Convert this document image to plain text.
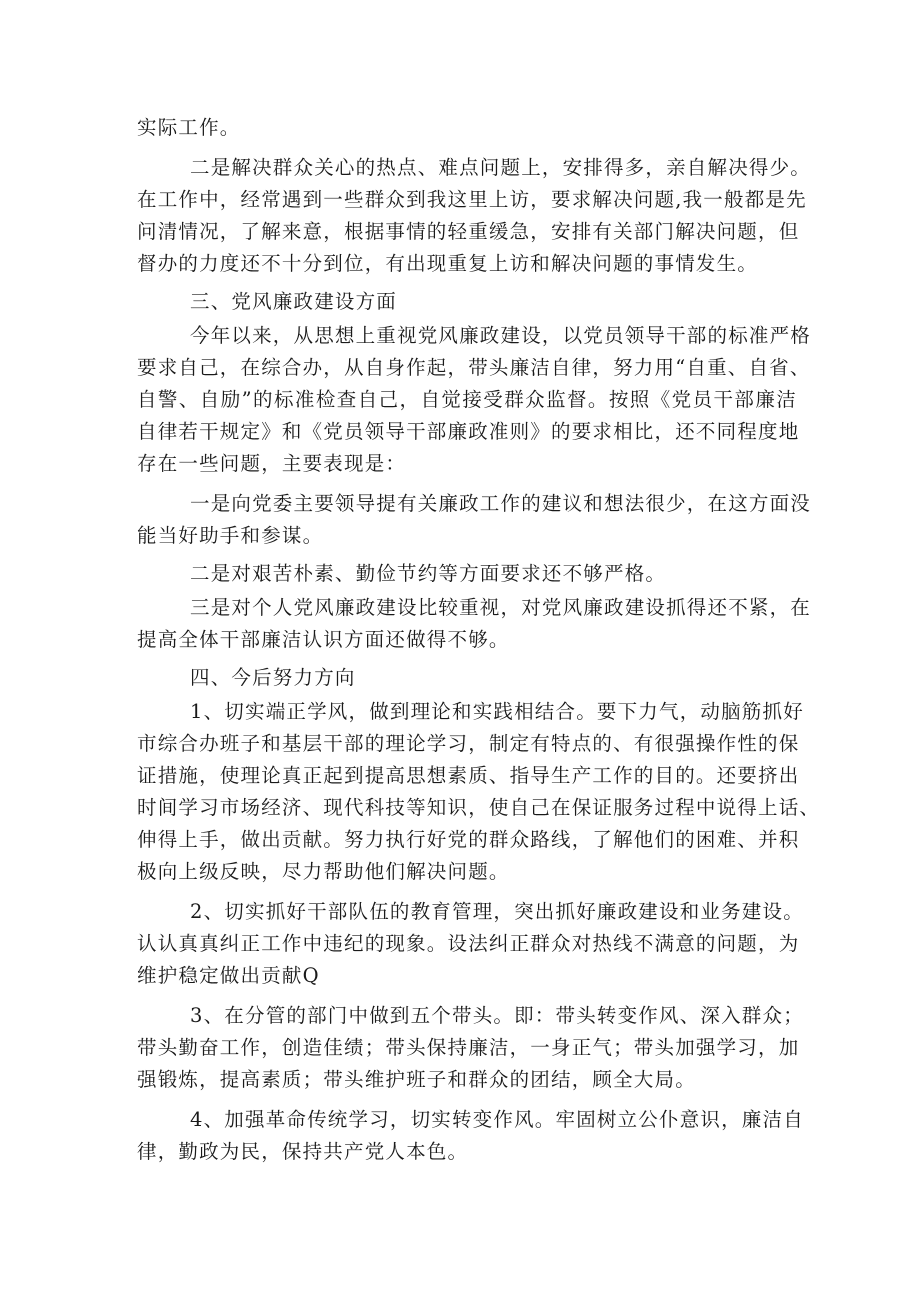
实际工作。
二是解决群众关心的热点、难点问题上，安排得多，亲自解决得少。
在工作中，经常遇到一些群众到我这里上访，要求解决问题,我一般都是先
问清情况，了解来意，根据事情的轻重缓急，安排有关部门解决问题，但
督办的力度还不十分到位，有出现重复上访和解决问题的事情发生。
三、党风廉政建设方面
今年以来，从思想上重视党风廉政建设，以党员领导干部的标准严格
要求自己，在综合办，从自身作起，带头廉洁自律，努力用“自重、自省、
自警、自励”的标准检查自己，自觉接受群众监督。按照《党员干部廉洁
自律若干规定》和《党员领导干部廉政准则》的要求相比，还不同程度地
存在一些问题，主要表现是：
一是向党委主要领导提有关廉政工作的建议和想法很少，在这方面没
能当好助手和参谋。
二是对艰苦朴素、勤俭节约等方面要求还不够严格。
三是对个人党风廉政建设比较重视，对党风廉政建设抓得还不紧，在
提高全体干部廉洁认识方面还做得不够。
四、今后努力方向
1、切实端正学风，做到理论和实践相结合。要下力气，动脑筋抓好
市综合办班子和基层干部的理论学习，制定有特点的、有很强操作性的保
证措施，使理论真正起到提高思想素质、指导生产工作的目的。还要挤出
时间学习市场经济、现代科技等知识，使自己在保证服务过程中说得上话、
伸得上手，做出贡献。努力执行好党的群众路线，了解他们的困难、并积
极向上级反映，尽力帮助他们解决问题。
2、切实抓好干部队伍的教育管理，突出抓好廉政建设和业务建设。
认认真真纠正工作中违纪的现象。设法纠正群众对热线不满意的问题，为
维护稳定做出贡献Q
3、在分管的部门中做到五个带头。即：带头转变作风、深入群众；
带头勤奋工作，创造佳绩；带头保持廉洁，一身正气；带头加强学习，加
强锻炼，提高素质；带头维护班子和群众的团结，顾全大局。
4、加强革命传统学习，切实转变作风。牢固树立公仆意识，廉洁自
律，勤政为民，保持共产党人本色。
